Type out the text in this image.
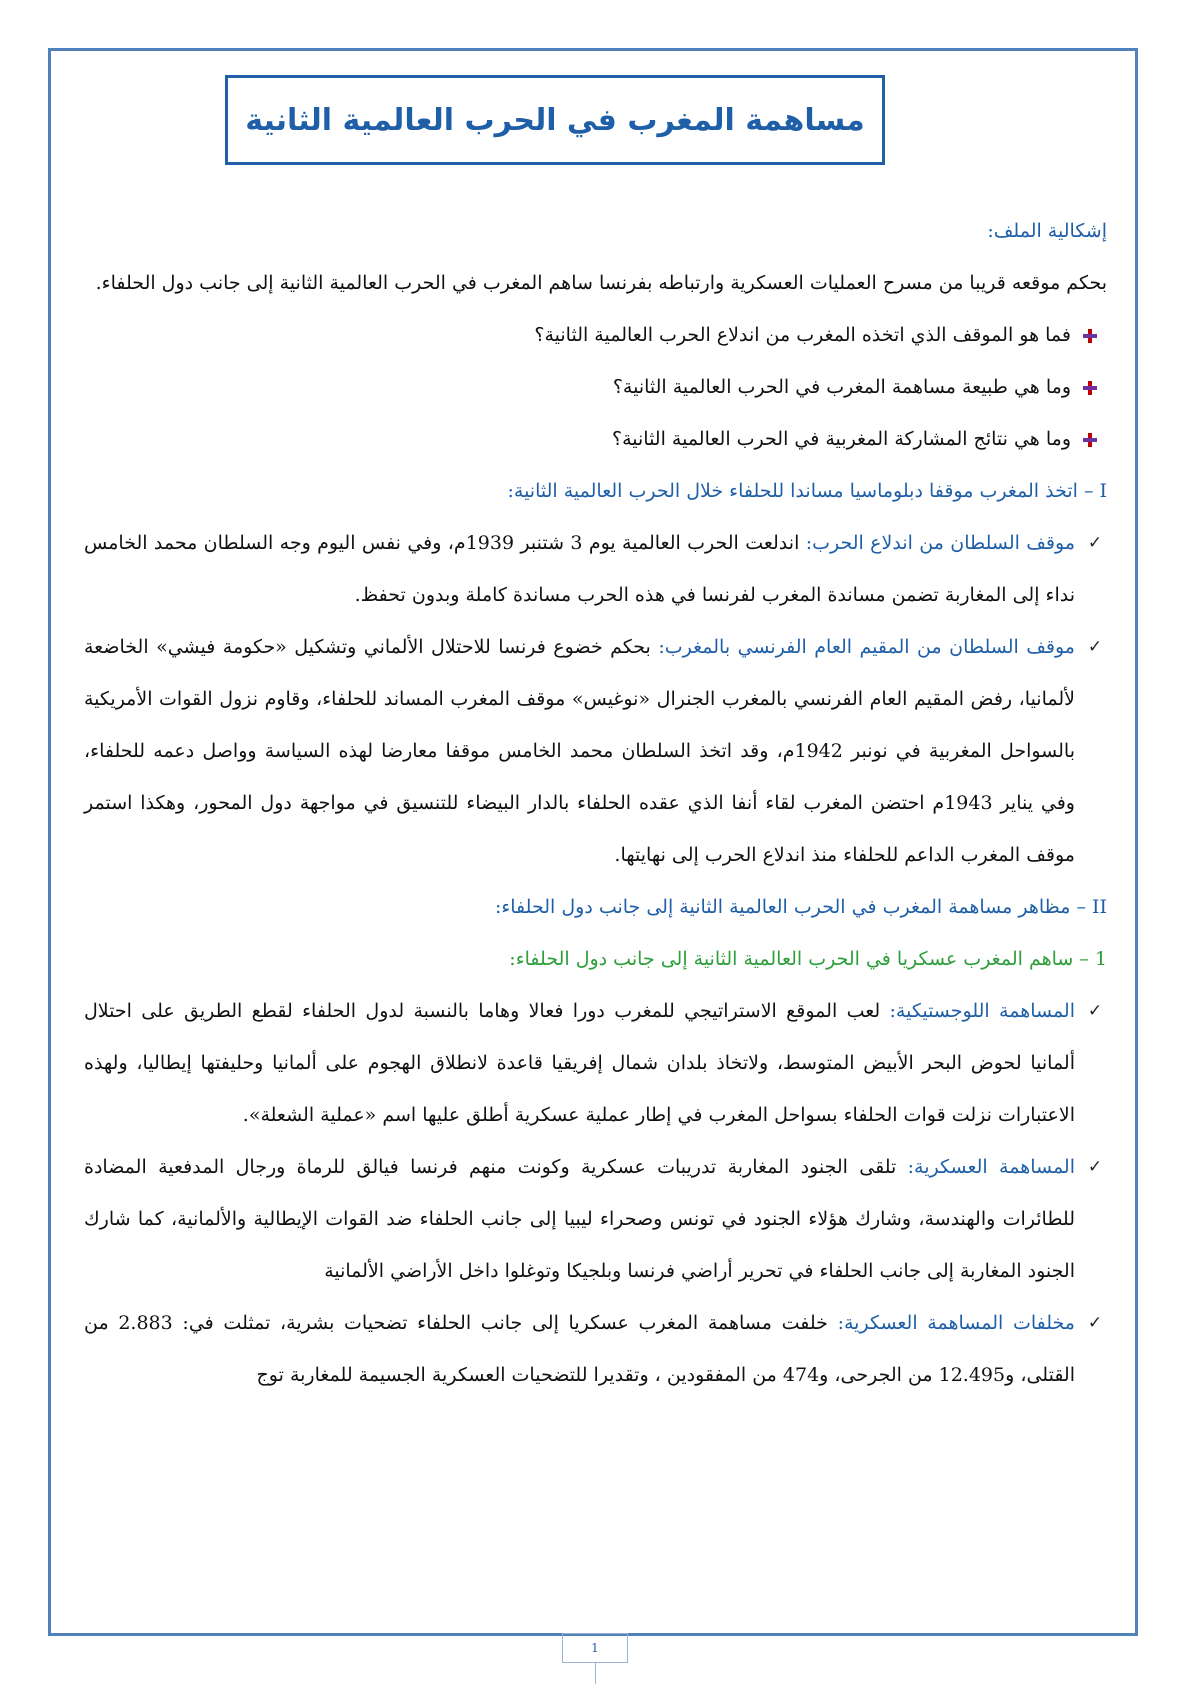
مساهمة المغرب في الحرب العالمية الثانية
إشكالية الملف:
بحكم موقعه قريبا من مسرح العمليات العسكرية وارتباطه بفرنسا ساهم المغرب في الحرب العالمية الثانية إلى جانب دول الحلفاء.
فما هو الموقف الذي اتخذه المغرب من اندلاع الحرب العالمية الثانية؟
وما هي طبيعة مساهمة المغرب في الحرب العالمية الثانية؟
وما هي نتائج المشاركة المغربية في الحرب العالمية الثانية؟
I – اتخذ المغرب موقفا دبلوماسيا مساندا للحلفاء خلال الحرب العالمية الثانية:
✓
موقف السلطان من اندلاع الحرب: اندلعت الحرب العالمية يوم 3 شتنبر 1939م، وفي نفس اليوم وجه السلطان محمد الخامس نداء إلى المغاربة تضمن مساندة المغرب لفرنسا في هذه الحرب مساندة كاملة وبدون تحفظ.
✓
موقف السلطان من المقيم العام الفرنسي بالمغرب: بحكم خضوع فرنسا للاحتلال الألماني وتشكيل «حكومة فيشي» الخاضعة لألمانيا، رفض المقيم العام الفرنسي بالمغرب الجنرال «نوغيس» موقف المغرب المساند للحلفاء، وقاوم نزول القوات الأمريكية بالسواحل المغربية في نونبر 1942م، وقد اتخذ السلطان محمد الخامس موقفا معارضا لهذه السياسة وواصل دعمه للحلفاء، وفي يناير 1943م احتضن المغرب لقاء أنفا الذي عقده الحلفاء بالدار البيضاء للتنسيق في مواجهة دول المحور، وهكذا استمر موقف المغرب الداعم للحلفاء منذ اندلاع الحرب إلى نهايتها.
II – مظاهر مساهمة المغرب في الحرب العالمية الثانية إلى جانب دول الحلفاء:
1 – ساهم المغرب عسكريا في الحرب العالمية الثانية إلى جانب دول الحلفاء:
✓
المساهمة اللوجستيكية: لعب الموقع الاستراتيجي للمغرب دورا فعالا وهاما بالنسبة لدول الحلفاء لقطع الطريق على احتلال ألمانيا لحوض البحر الأبيض المتوسط، ولاتخاذ بلدان شمال إفريقيا قاعدة لانطلاق الهجوم على ألمانيا وحليفتها إيطاليا، ولهذه الاعتبارات نزلت قوات الحلفاء بسواحل المغرب في إطار عملية عسكرية أطلق عليها اسم «عملية الشعلة».
✓
المساهمة العسكرية: تلقى الجنود المغاربة تدريبات عسكرية وكونت منهم فرنسا فيالق للرماة ورجال المدفعية المضادة للطائرات والهندسة، وشارك هؤلاء الجنود في تونس وصحراء ليبيا إلى جانب الحلفاء ضد القوات الإيطالية والألمانية، كما شارك الجنود المغاربة إلى جانب الحلفاء في تحرير أراضي فرنسا وبلجيكا وتوغلوا داخل الأراضي الألمانية
✓
مخلفات المساهمة العسكرية: خلفت مساهمة المغرب عسكريا إلى جانب الحلفاء تضحيات بشرية، تمثلت في: 2.883 من القتلى، و12.495 من الجرحى، و474 من المفقودين ، وتقديرا للتضحيات العسكرية الجسيمة للمغاربة توج
1
